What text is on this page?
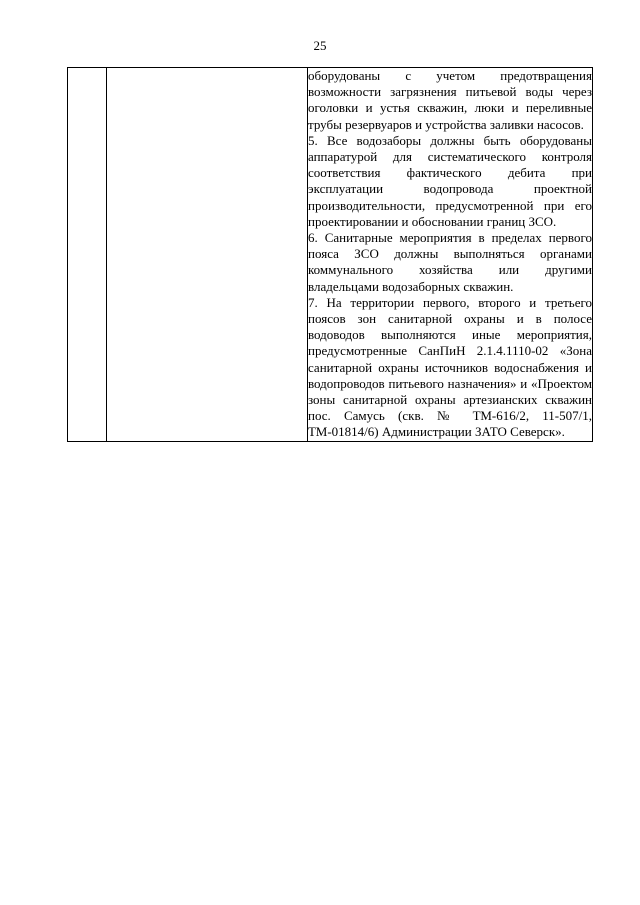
25

оборудованы с учетом предотвращения возможности загрязнения питьевой воды через оголовки и устья скважин, люки и переливные трубы резервуаров и устройства заливки насосов.

5. Все водозаборы должны быть оборудованы аппаратурой для систематического контроля соответствия фактического дебита при эксплуатации водопровода проектной производительности, предусмотренной при его проектировании и обосновании границ ЗСО.

6. Санитарные мероприятия в пределах первого пояса ЗСО должны выполняться органами коммунального хозяйства или другими владельцами водозаборных скважин.

7. На территории первого, второго и третьего поясов зон санитарной охраны и в полосе водоводов выполняются иные мероприятия, предусмотренные СанПиН 2.1.4.1110-02 «Зона санитарной охраны источников водоснабжения и водопроводов питьевого назначения» и «Проектом зоны санитарной охраны артезианских скважин пос. Самусь (скв. № ТМ-616/2, 11-507/1, ТМ-01814/6) Администрации ЗАТО Северск».
